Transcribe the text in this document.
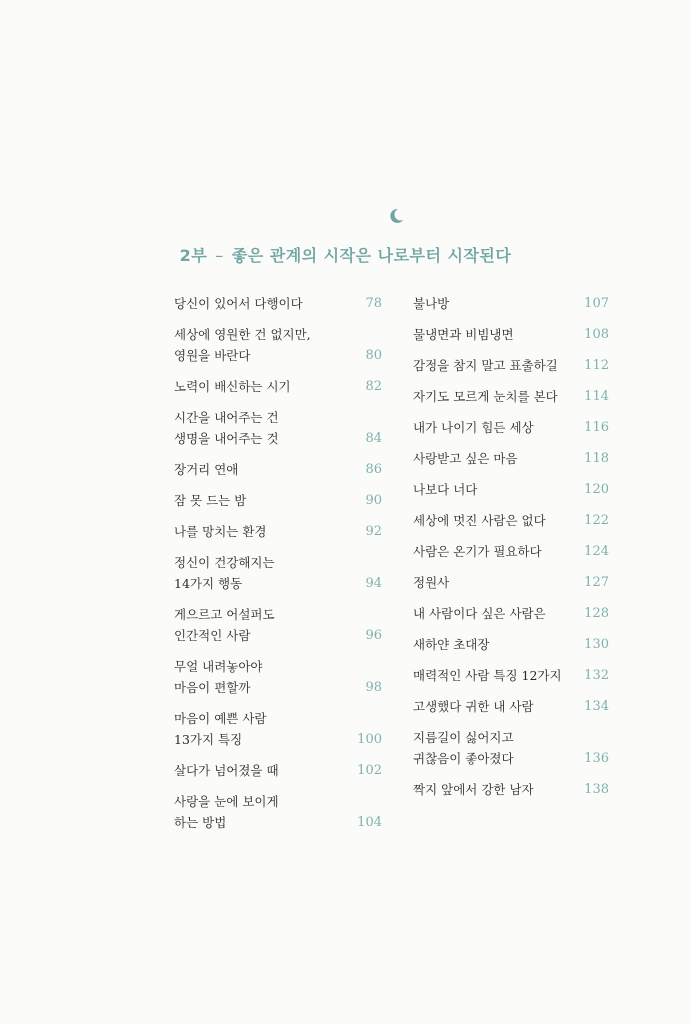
2부 – 좋은 관계의 시작은 나로부터 시작된다
당신이 있어서 다행이다	78
세상에 영원한 건 없지만,
영원을 바란다	80
노력이 배신하는 시기	82
시간을 내어주는 건
생명을 내어주는 것	84
장거리 연애	86
잠 못 드는 밤	90
나를 망치는 환경	92
정신이 건강해지는
14가지 행동	94
게으르고 어설퍼도
인간적인 사람	96
무얼 내려놓아야
마음이 편할까	98
마음이 예쁜 사람
13가지 특징	100
살다가 넘어졌을 때	102
사랑을 눈에 보이게
하는 방법	104
불나방	107
물냉면과 비빔냉면	108
감정을 참지 말고 표출하길	112
자기도 모르게 눈치를 본다	114
내가 나이기 힘든 세상	116
사랑받고 싶은 마음	118
나보다 너다	120
세상에 멋진 사람은 없다	122
사람은 온기가 필요하다	124
정원사	127
내 사람이다 싶은 사람은	128
새하얀 초대장	130
매력적인 사람 특징 12가지	132
고생했다 귀한 내 사람	134
지름길이 싫어지고
귀찮음이 좋아졌다	136
짝지 앞에서 강한 남자	138
